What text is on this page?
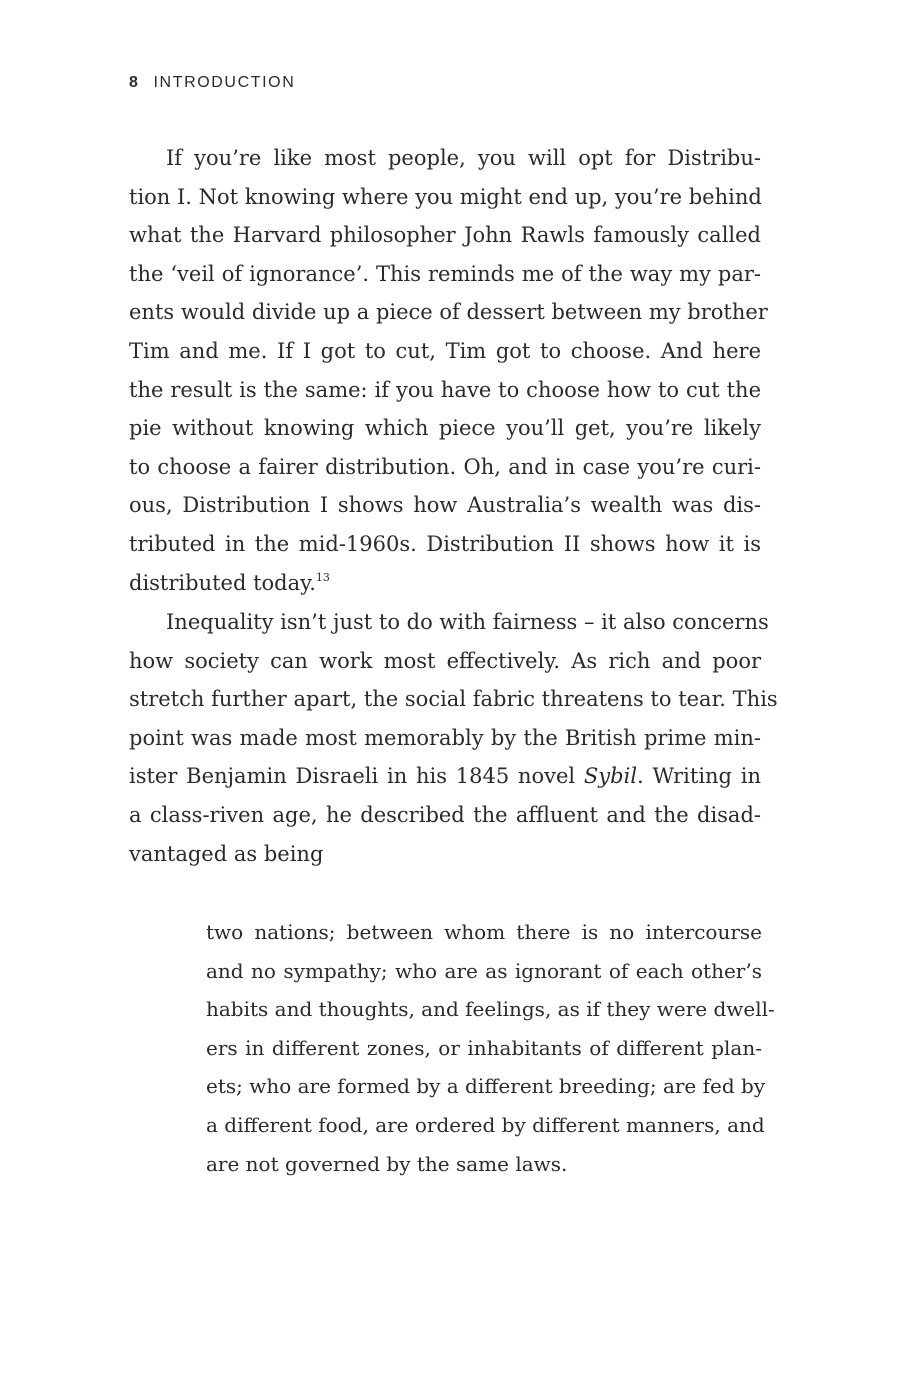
8 INTRODUCTION
If you’re like most people, you will opt for Distribu-
tion I. Not knowing where you might end up, you’re behind
what the Harvard philosopher John Rawls famously called
the ‘veil of ignorance’. This reminds me of the way my par-
ents would divide up a piece of dessert between my brother
Tim and me. If I got to cut, Tim got to choose. And here
the result is the same: if you have to choose how to cut the
pie without knowing which piece you’ll get, you’re likely
to choose a fairer distribution. Oh, and in case you’re curi-
ous, Distribution I shows how Australia’s wealth was dis-
tributed in the mid-1960s. Distribution II shows how it is
distributed today.$^{13}$
Inequality isn’t just to do with fairness – it also concerns
how society can work most effectively. As rich and poor
stretch further apart, the social fabric threatens to tear. This
point was made most memorably by the British prime min-
ister Benjamin Disraeli in his 1845 novel Sybil. Writing in
a class-riven age, he described the affluent and the disad-
vantaged as being
two nations; between whom there is no intercourse
and no sympathy; who are as ignorant of each other’s
habits and thoughts, and feelings, as if they were dwell-
ers in different zones, or inhabitants of different plan-
ets; who are formed by a different breeding; are fed by
a different food, are ordered by different manners, and
are not governed by the same laws.
